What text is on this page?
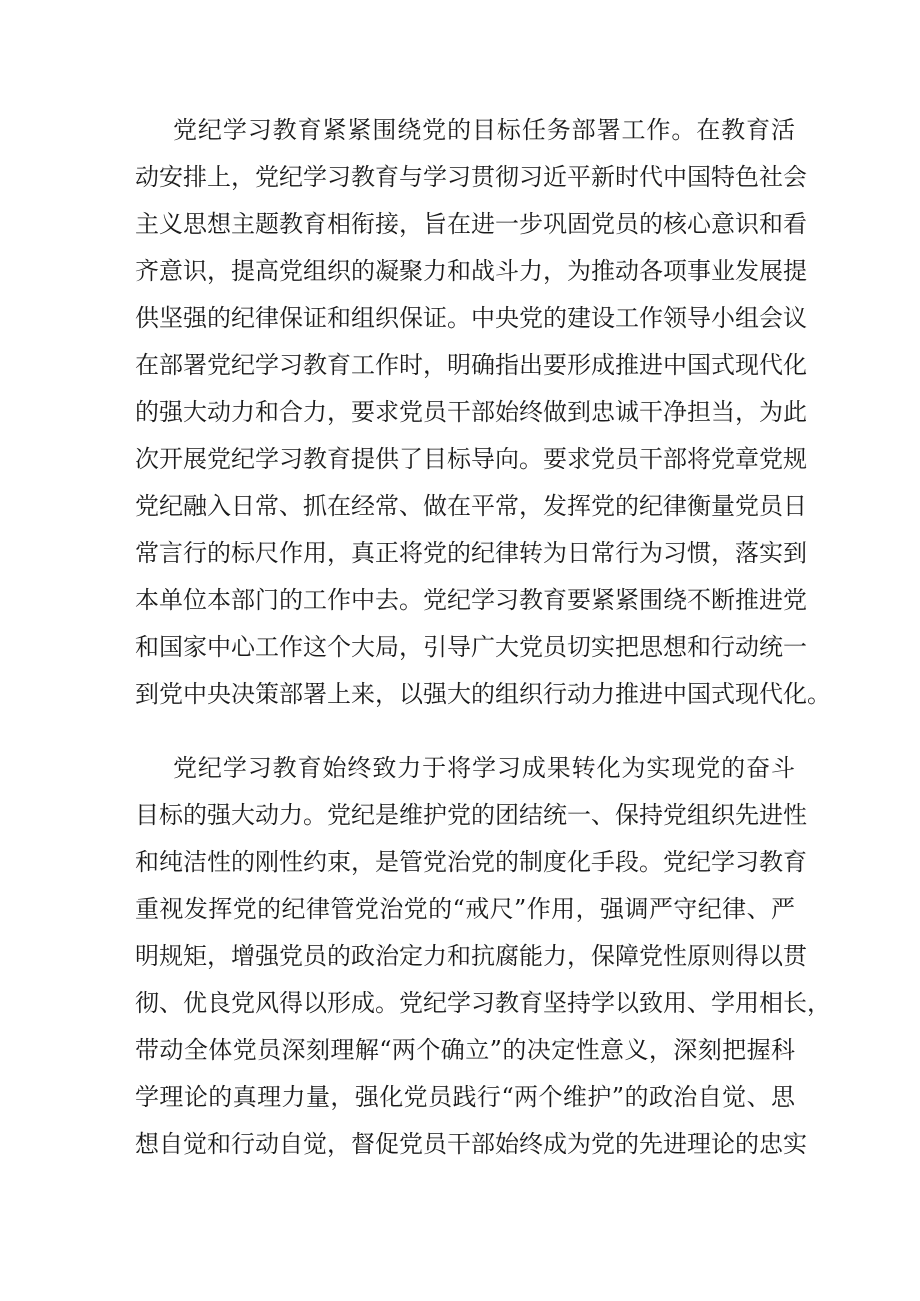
党纪学习教育紧紧围绕党的目标任务部署工作。在教育活
动安排上，党纪学习教育与学习贯彻习近平新时代中国特色社会
主义思想主题教育相衔接，旨在进一步巩固党员的核心意识和看
齐意识，提高党组织的凝聚力和战斗力，为推动各项事业发展提
供坚强的纪律保证和组织保证。中央党的建设工作领导小组会议
在部署党纪学习教育工作时，明确指出要形成推进中国式现代化
的强大动力和合力，要求党员干部始终做到忠诚干净担当，为此
次开展党纪学习教育提供了目标导向。要求党员干部将党章党规
党纪融入日常、抓在经常、做在平常，发挥党的纪律衡量党员日
常言行的标尺作用，真正将党的纪律转为日常行为习惯，落实到
本单位本部门的工作中去。党纪学习教育要紧紧围绕不断推进党
和国家中心工作这个大局，引导广大党员切实把思想和行动统一
到党中央决策部署上来，以强大的组织行动力推进中国式现代化。
党纪学习教育始终致力于将学习成果转化为实现党的奋斗
目标的强大动力。党纪是维护党的团结统一、保持党组织先进性
和纯洁性的刚性约束，是管党治党的制度化手段。党纪学习教育
重视发挥党的纪律管党治党的“戒尺”作用，强调严守纪律、严
明规矩，增强党员的政治定力和抗腐能力，保障党性原则得以贯
彻、优良党风得以形成。党纪学习教育坚持学以致用、学用相长，
带动全体党员深刻理解“两个确立”的决定性意义，深刻把握科
学理论的真理力量，强化党员践行“两个维护”的政治自觉、思
想自觉和行动自觉，督促党员干部始终成为党的先进理论的忠实
